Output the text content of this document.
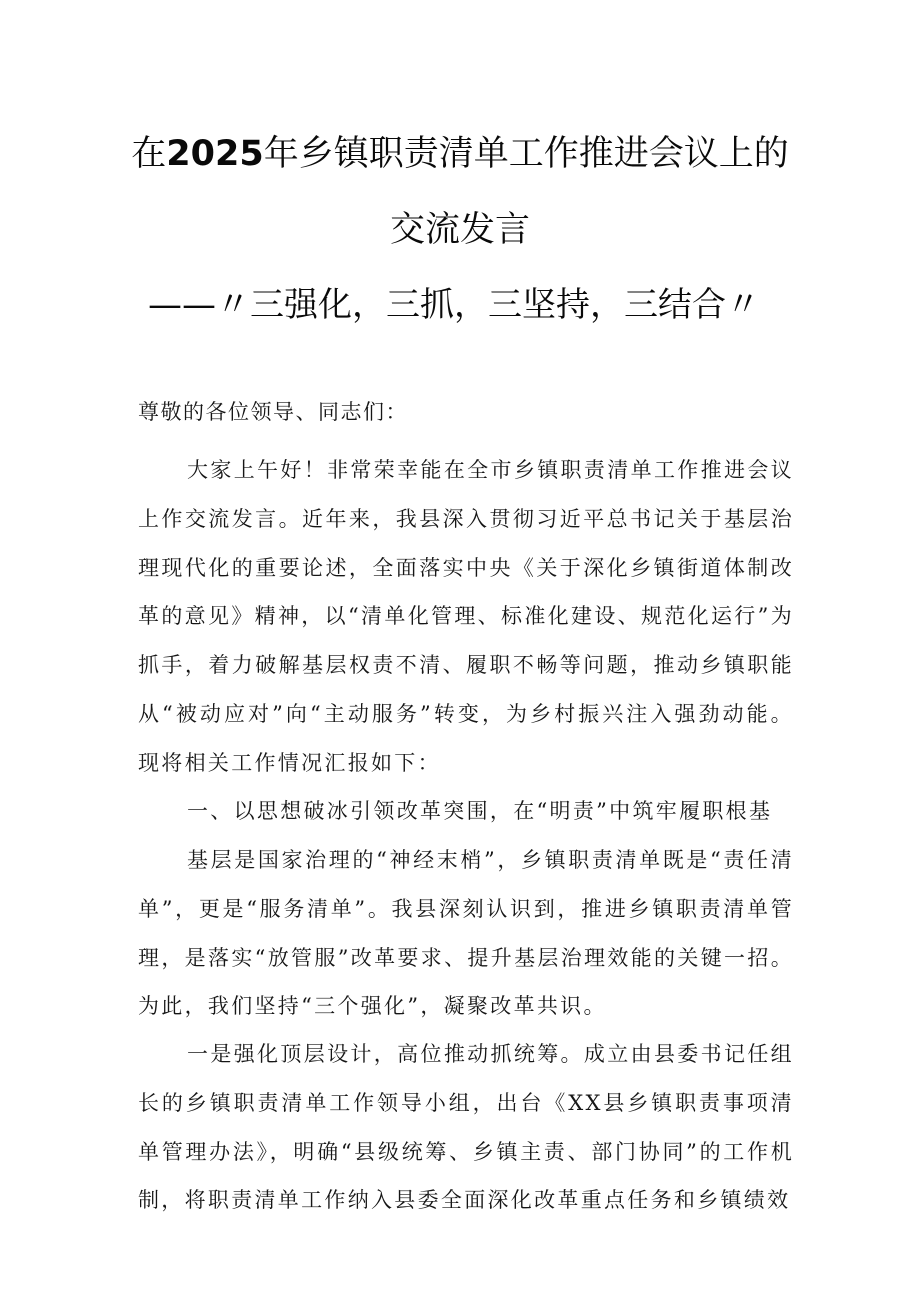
在2025年乡镇职责清单工作推进会议上的
交流发言
——〃三强化，三抓，三坚持，三结合〃
尊敬的各位领导、同志们：

大家上午好！非常荣幸能在全市乡镇职责清单工作推进会议上作交流发言。近年来，我县深入贯彻习近平总书记关于基层治理现代化的重要论述，全面落实中央《关于深化乡镇街道体制改革的意见》精神，以“清单化管理、标准化建设、规范化运行”为抓手，着力破解基层权责不清、履职不畅等问题，推动乡镇职能从“被动应对”向“主动服务”转变，为乡村振兴注入强劲动能。现将相关工作情况汇报如下：

一、以思想破冰引领改革突围，在“明责”中筑牢履职根基

基层是国家治理的“神经末梢”，乡镇职责清单既是“责任清单”，更是“服务清单”。我县深刻认识到，推进乡镇职责清单管理，是落实“放管服”改革要求、提升基层治理效能的关键一招。为此，我们坚持“三个强化”，凝聚改革共识。

一是强化顶层设计，高位推动抓统筹。成立由县委书记任组长的乡镇职责清单工作领导小组，出台《XX县乡镇职责事项清单管理办法》，明确“县级统筹、乡镇主责、部门协同”的工作机制，将职责清单工作纳入县委全面深化改革重点任务和乡镇绩效
